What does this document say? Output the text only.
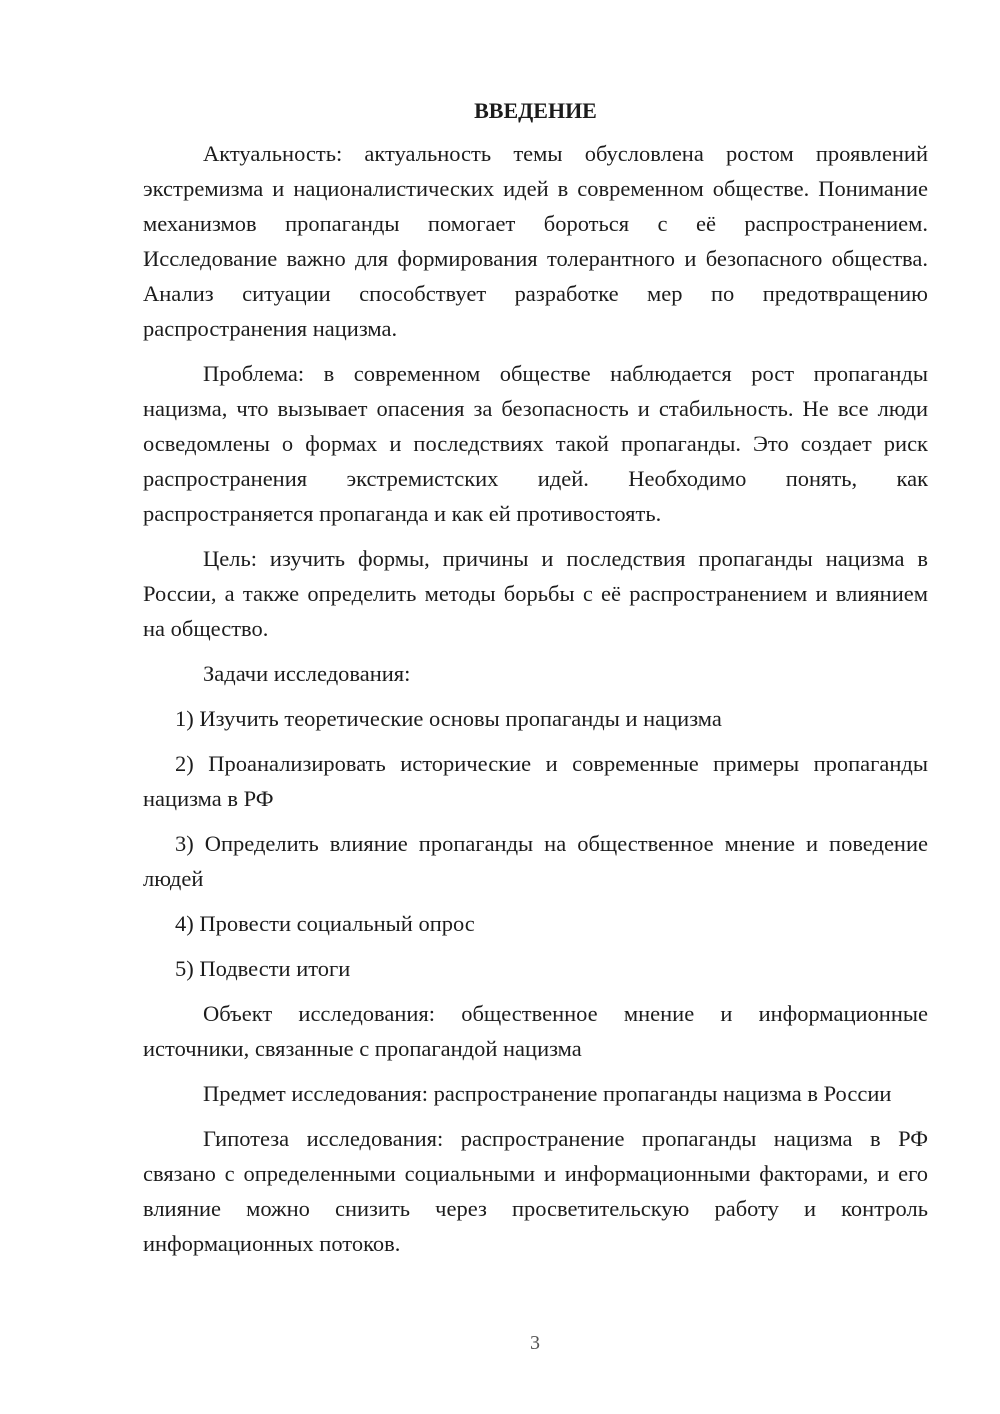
ВВЕДЕНИЕ

Актуальность: актуальность темы обусловлена ростом проявлений экстремизма и националистических идей в современном обществе. Понимание механизмов пропаганды помогает бороться с её распространением. Исследование важно для формирования толерантного и безопасного общества. Анализ ситуации способствует разработке мер по предотвращению распространения нацизма.

Проблема: в современном обществе наблюдается рост пропаганды нацизма, что вызывает опасения за безопасность и стабильность. Не все люди осведомлены о формах и последствиях такой пропаганды. Это создает риск распространения экстремистских идей. Необходимо понять, как распространяется пропаганда и как ей противостоять.

Цель: изучить формы, причины и последствия пропаганды нацизма в России, а также определить методы борьбы с её распространением и влиянием на общество.

Задачи исследования:

1) Изучить теоретические основы пропаганды и нацизма

2) Проанализировать исторические и современные примеры пропаганды нацизма в РФ

3) Определить влияние пропаганды на общественное мнение и поведение людей

4) Провести социальный опрос

5) Подвести итоги

Объект исследования: общественное мнение и информационные источники, связанные с пропагандой нацизма

Предмет исследования: распространение пропаганды нацизма в России

Гипотеза исследования: распространение пропаганды нацизма в РФ связано с определенными социальными и информационными факторами, и его влияние можно снизить через просветительскую работу и контроль информационных потоков.

3
